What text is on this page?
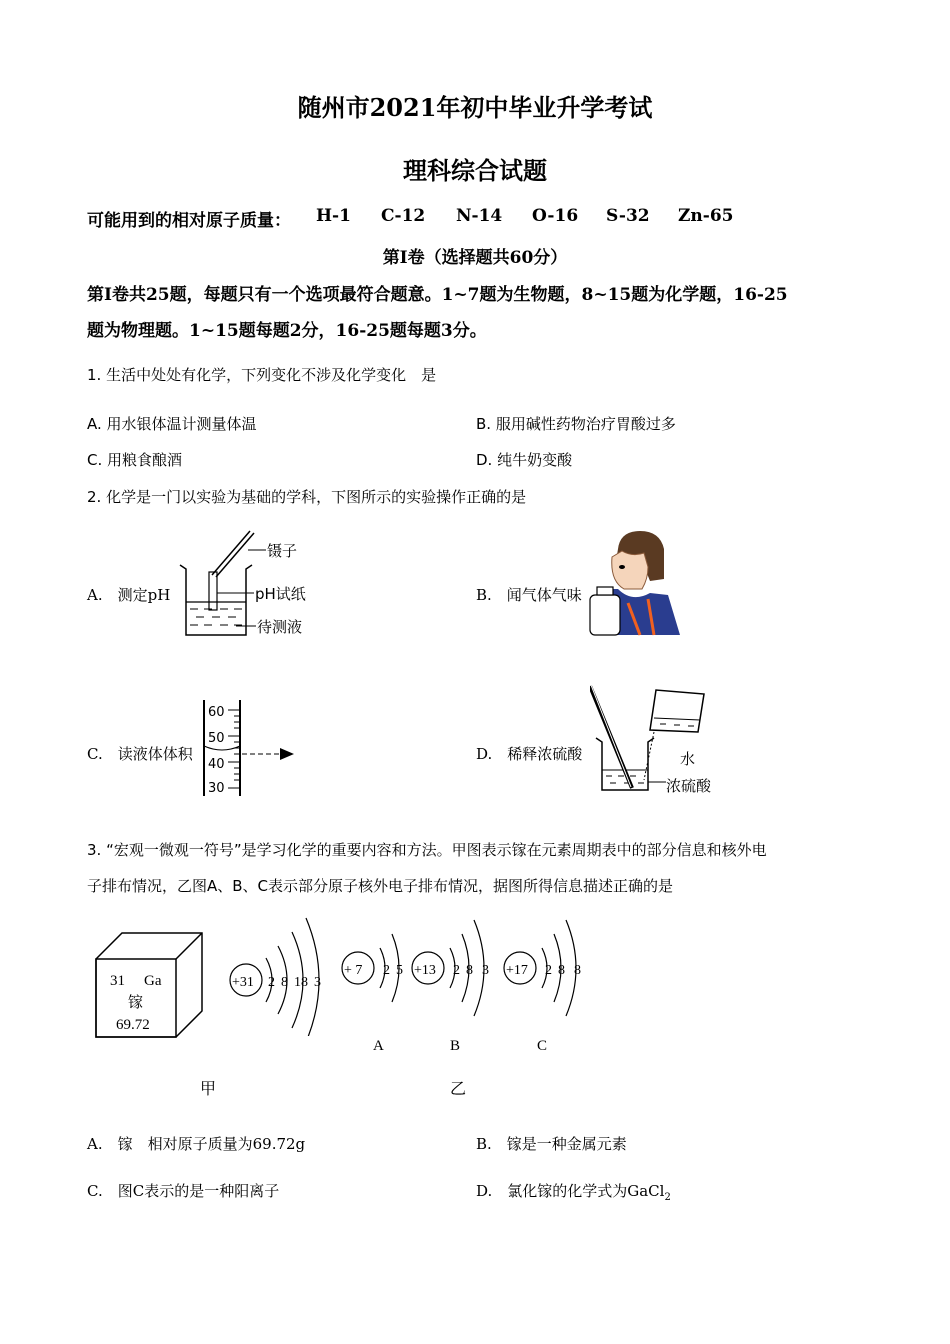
随州市2021年初中毕业升学考试
理科综合试题
可能用到的相对原子质量： H-1 C-12 N-14 O-16 S-32 Zn-65
第Ⅰ卷（选择题共60分）
第Ⅰ卷共25题，每题只有一个选项最符合题意。1~7题为生物题，8~15题为化学题，16-25
题为物理题。1~15题每题2分，16-25题每题3分。
1. 生活中处处有化学，下列变化不涉及化学变化　是
A. 用水银体温计测量体温	B. 服用碱性药物治疗胃酸过多
C. 用粮食酿酒	D. 纯牛奶变酸
2. 化学是一门以实验为基础的学科，下图所示的实验操作正确的是
A.　测定pH	B.　闻气体气味
C.　读液体体积	D.　稀释浓硫酸
镊子
pH试纸
待测液
60
50
40
30
水
浓硫酸
3. “宏观一微观一符号”是学习化学的重要内容和方法。甲图表示镓在元素周期表中的部分信息和核外电
子排布情况，乙图A、B、C表示部分原子核外电子排布情况，据图所得信息描述正确的是
31 Ga
镓
69.72
+31 2 8 18 3
+ 7 2 5
A
+13 2 8 3
B
+17 2 8 8
C
甲	乙
A.　镓　相对原子质量为69.72g	B.　镓是一种金属元素
C.　图C表示的是一种阳离子	D.　氯化镓的化学式为GaCl$_2$
